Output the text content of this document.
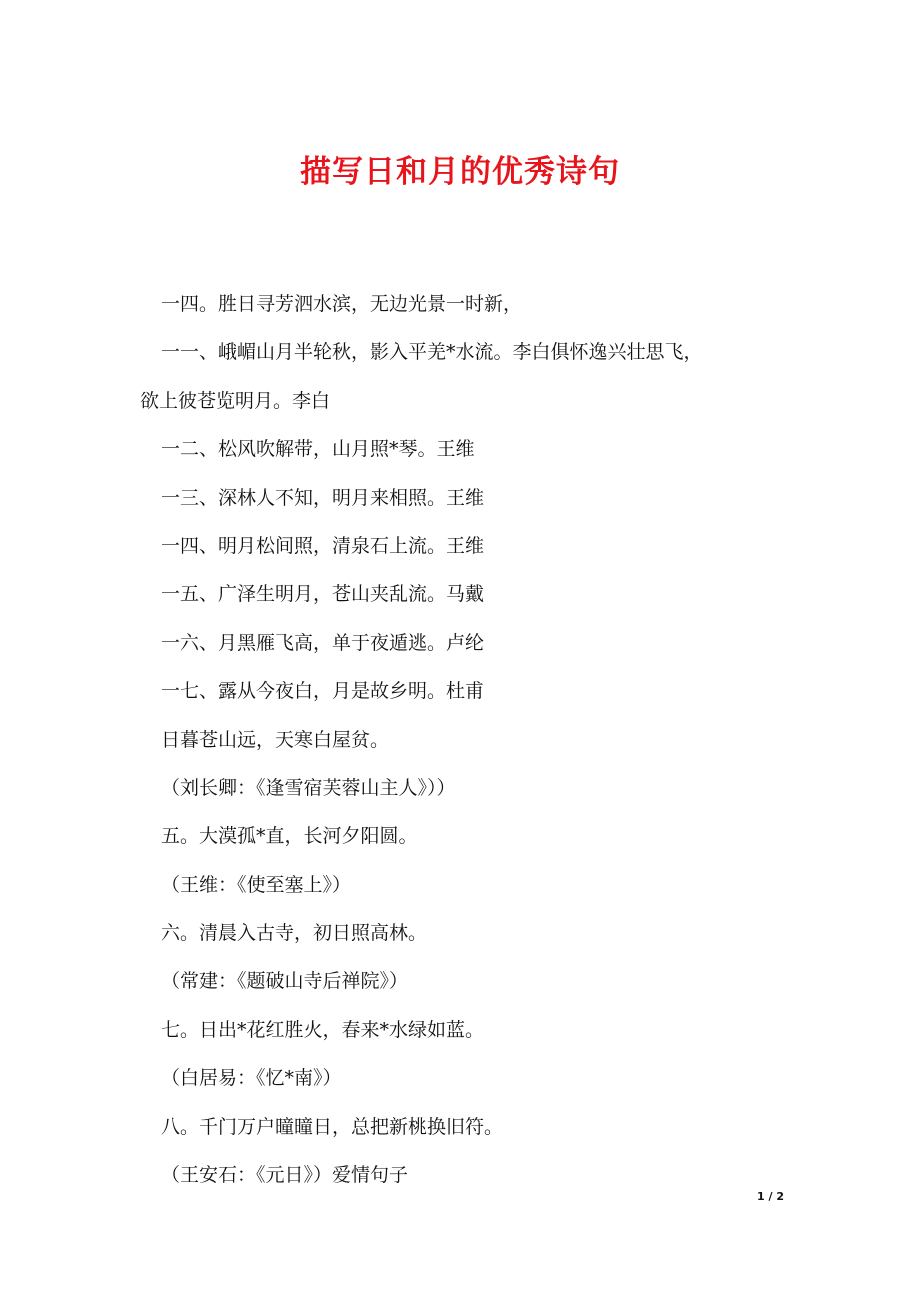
描写日和月的优秀诗句
一四。胜日寻芳泗水滨，无边光景一时新，
一一、峨嵋山月半轮秋，影入平羌*水流。李白俱怀逸兴壮思飞，
欲上彼苍览明月。李白
一二、松风吹解带，山月照*琴。王维
一三、深林人不知，明月来相照。王维
一四、明月松间照，清泉石上流。王维
一五、广泽生明月，苍山夹乱流。马戴
一六、月黑雁飞高，单于夜遁逃。卢纶
一七、露从今夜白，月是故乡明。杜甫
日暮苍山远，天寒白屋贫。
（刘长卿：《逢雪宿芙蓉山主人》））
五。大漠孤*直，长河夕阳圆。
（王维：《使至塞上》）
六。清晨入古寺，初日照高林。
（常建：《题破山寺后禅院》）
七。日出*花红胜火，春来*水绿如蓝。
（白居易：《忆*南》）
八。千门万户曈曈日，总把新桃换旧符。
（王安石：《元日》）爱情句子
1 / 2
